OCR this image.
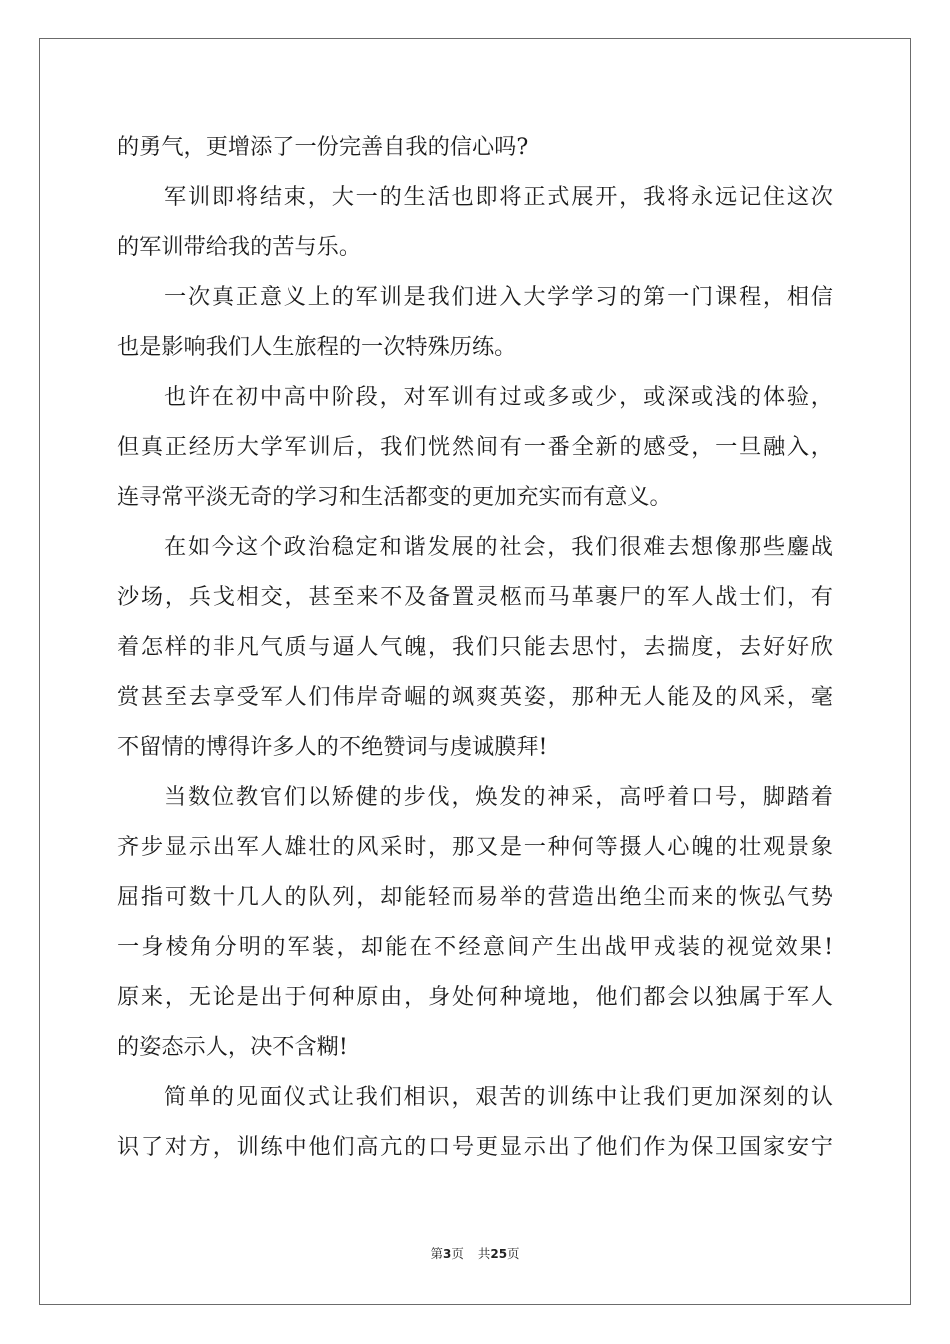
的勇气，更增添了一份完善自我的信心吗?
军训即将结束，大一的生活也即将正式展开，我将永远记住这次
的军训带给我的苦与乐。
一次真正意义上的军训是我们进入大学学习的第一门课程，相信
也是影响我们人生旅程的一次特殊历练。
也许在初中高中阶段，对军训有过或多或少，或深或浅的体验，
但真正经历大学军训后，我们恍然间有一番全新的感受，一旦融入，
连寻常平淡无奇的学习和生活都变的更加充实而有意义。
在如今这个政治稳定和谐发展的社会，我们很难去想像那些鏖战
沙场，兵戈相交，甚至来不及备置灵柩而马革裹尸的军人战士们，有
着怎样的非凡气质与逼人气魄，我们只能去思忖，去揣度，去好好欣
赏甚至去享受军人们伟岸奇崛的飒爽英姿，那种无人能及的风采，毫
不留情的博得许多人的不绝赞词与虔诚膜拜!
当数位教官们以矫健的步伐，焕发的神采，高呼着口号，脚踏着
齐步显示出军人雄壮的风采时，那又是一种何等摄人心魄的壮观景象
屈指可数十几人的队列，却能轻而易举的营造出绝尘而来的恢弘气势
一身棱角分明的军装，却能在不经意间产生出战甲戎装的视觉效果!
原来，无论是出于何种原由，身处何种境地，他们都会以独属于军人
的姿态示人，决不含糊!
简单的见面仪式让我们相识，艰苦的训练中让我们更加深刻的认
识了对方，训练中他们高亢的口号更显示出了他们作为保卫国家安宁
第3页 共25页
